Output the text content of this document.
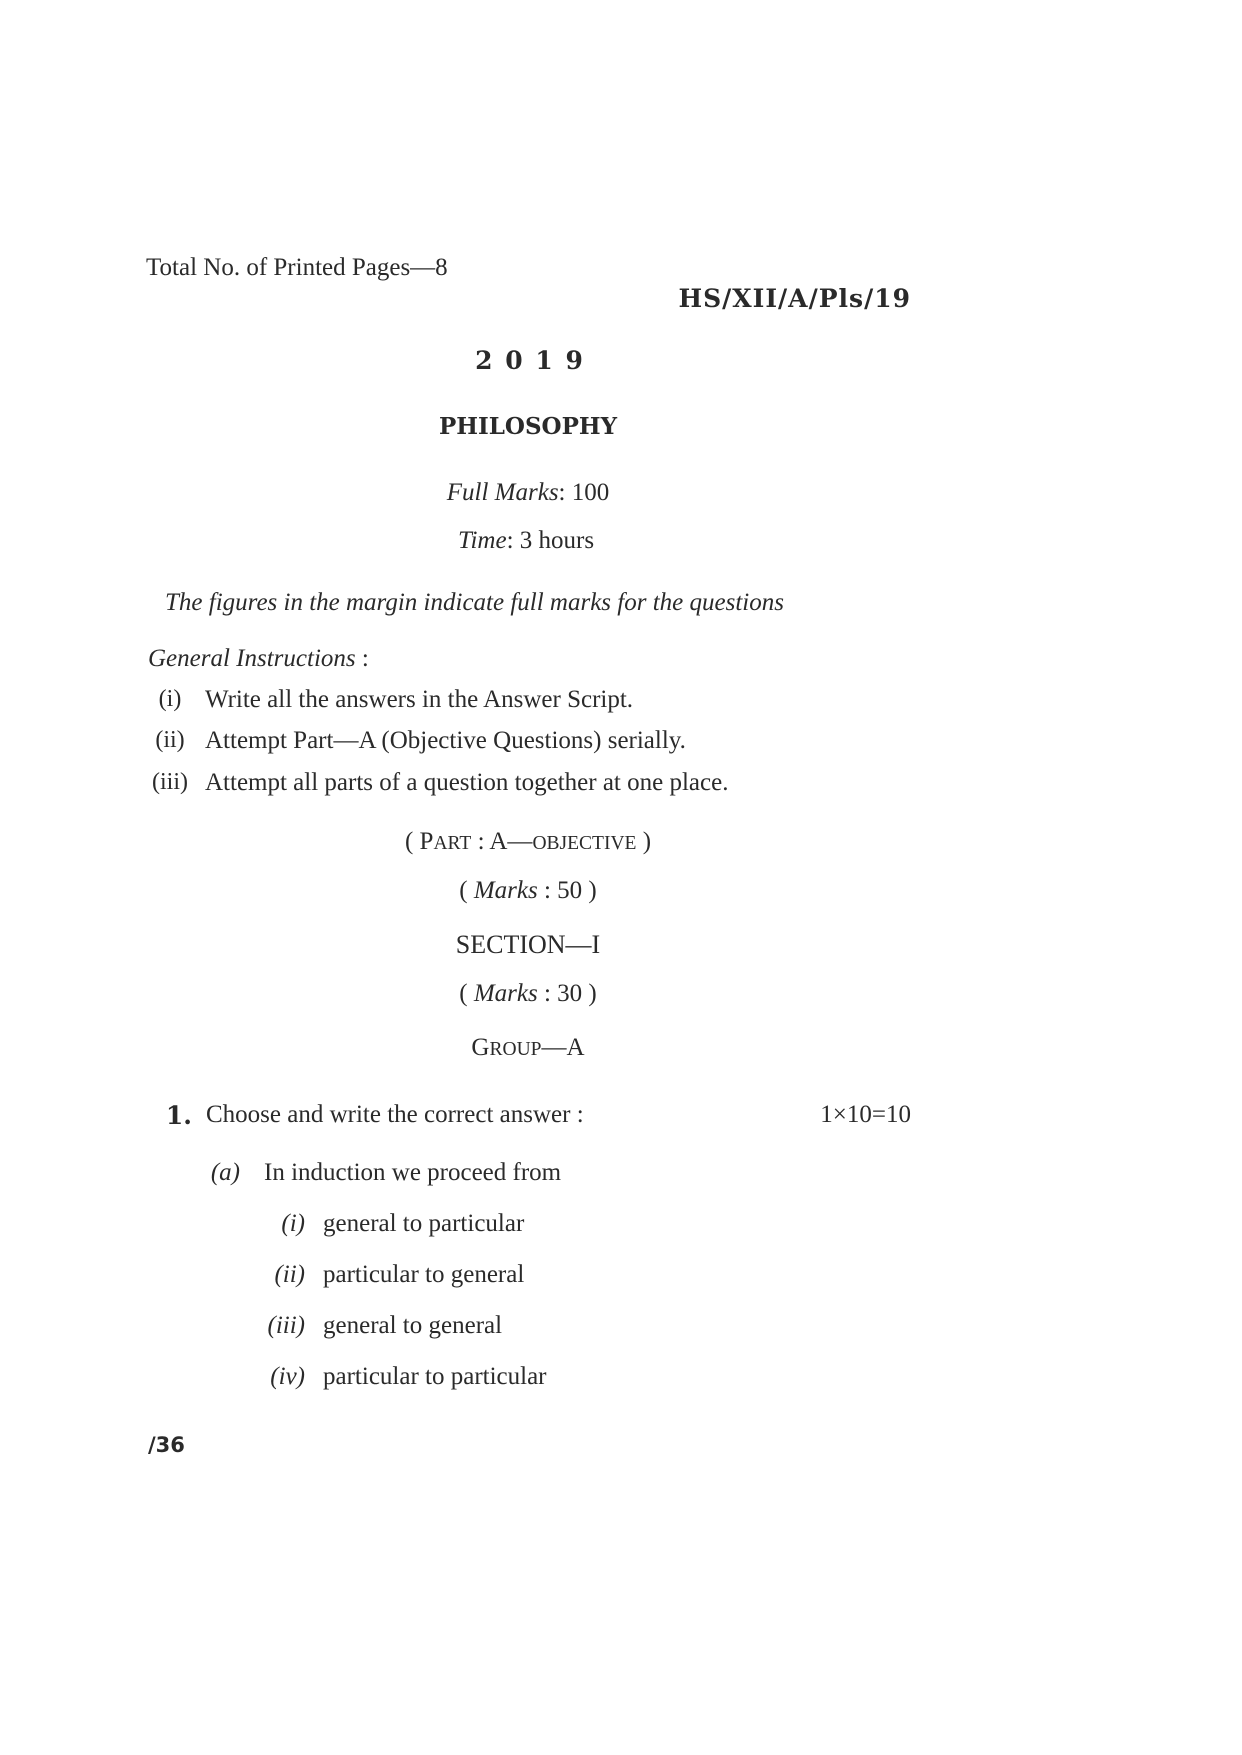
Total No. of Printed Pages—8
HS/XII/A/Pls/19
2 0 1 9
PHILOSOPHY
Full Marks: 100
Time: 3 hours
The figures in the margin indicate full marks for the questions
General Instructions :
(i) Write all the answers in the Answer Script.
(ii) Attempt Part—A (Objective Questions) serially.
(iii) Attempt all parts of a question together at one place.
( PART : A—OBJECTIVE )
( Marks : 50 )
SECTION—I
( Marks : 30 )
GROUP—A
1. Choose and write the correct answer :	1×10=10
(a) In induction we proceed from
(i) general to particular
(ii) particular to general
(iii) general to general
(iv) particular to particular
/36
